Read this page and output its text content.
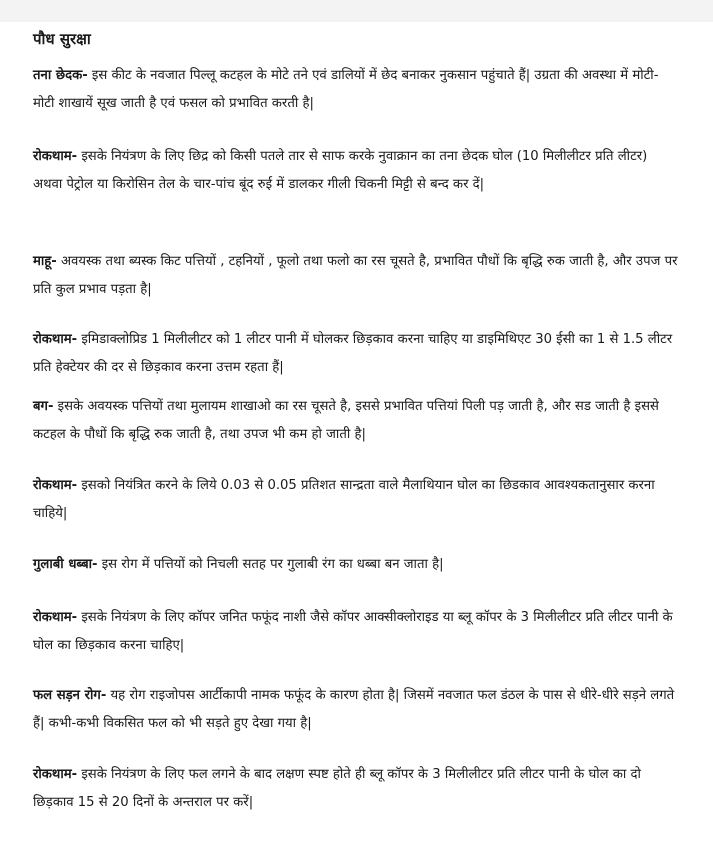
पौध सुरक्षा

तना छेदक- इस कीट के नवजात पिल्लू कटहल के मोटे तने एवं डालियों में छेद बनाकर नुकसान पहुंचाते हैं| उग्रता की अवस्था में मोटी-मोटी शाखायें सूख जाती है एवं फसल को प्रभावित करती है|

रोकथाम- इसके नियंत्रण के लिए छिद्र को किसी पतले तार से साफ करके नुवाक्रान का तना छेदक घोल (10 मिलीलीटर प्रति लीटर) अथवा पेट्रोल या किरोसिन तेल के चार-पांच बूंद रुई में डालकर गीली चिकनी मिट्टी से बन्द कर दें|

माहू- अवयस्क तथा ब्यस्क किट पत्तियों , टहनियों , फूलो तथा फलो का रस चूसते है, प्रभावित पौधों कि बृद्धि रुक जाती है, और उपज पर प्रति कुल प्रभाव पड़ता है|

रोकथाम- इमिडाक्लोप्रिड 1 मिलीलीटर को 1 लीटर पानी में घोलकर छिड़काव करना चाहिए या डाइमिथिएट 30 ईसी का 1 से 1.5 लीटर प्रति हेक्टेयर की दर से छिड़काव करना उत्तम रहता हैं|

बग- इसके अवयस्क पत्तियों तथा मुलायम शाखाओ का रस चूसते है, इससे प्रभावित पत्तियां पिली पड़ जाती है, और सड जाती है इससे कटहल के पौधों कि बृद्धि रुक जाती है, तथा उपज भी कम हो जाती है|

रोकथाम- इसको नियंत्रित करने के लिये 0.03 से 0.05 प्रतिशत सान्द्रता वाले मैलाथियान घोल का छिडकाव आवश्यकतानुसार करना चाहिये|

गुलाबी धब्बा- इस रोग में पत्तियों को निचली सतह पर गुलाबी रंग का धब्बा बन जाता है|

रोकथाम- इसके नियंत्रण के लिए कॉपर जनित फफूंद नाशी जैसे कॉपर आक्सीक्लोराइड या ब्लू कॉपर के 3 मिलीलीटर प्रति लीटर पानी के घोल का छिड़काव करना चाहिए|

फल सड़न रोग- यह रोग राइजोपस आर्टीकापी नामक फफूंद के कारण होता है| जिसमें नवजात फल डंठल के पास से धीरे-धीरे सड़ने लगते हैं| कभी-कभी विकसित फल को भी सड़ते हुए देखा गया है|

रोकथाम- इसके नियंत्रण के लिए फल लगने के बाद लक्षण स्पष्ट होते ही ब्लू कॉपर के 3 मिलीलीटर प्रति लीटर पानी के घोल का दो छिड़काव 15 से 20 दिनों के अन्तराल पर करें|
